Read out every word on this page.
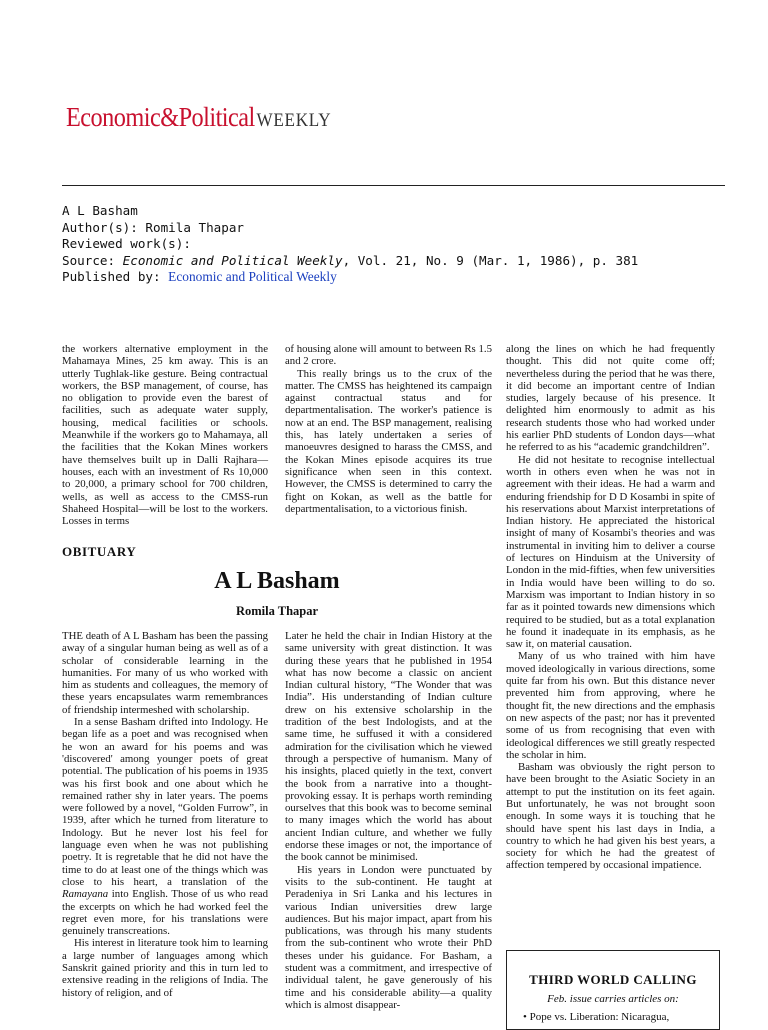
Economic&PoliticalWEEKLY
A L Basham
Author(s): Romila Thapar
Reviewed work(s):
Source: Economic and Political Weekly, Vol. 21, No. 9 (Mar. 1, 1986), p. 381
Published by: Economic and Political Weekly

the workers alternative employment in the Mahamaya Mines, 25 km away. This is an utterly Tughlak-like gesture. Being contractual workers, the BSP management, of course, has no obligation to provide even the barest of facilities, such as adequate water supply, housing, medical facilities or schools. Meanwhile if the workers go to Mahamaya, all the facilities that the Kokan Mines workers have themselves built up in Dalli Rajhara—houses, each with an investment of Rs 10,000 to 20,000, a primary school for 700 children, wells, as well as access to the CMSS-run Shaheed Hospital—will be lost to the workers. Losses in terms

of housing alone will amount to between Rs 1.5 and 2 crore.

This really brings us to the crux of the matter. The CMSS has heightened its campaign against contractual status and for departmentalisation. The worker's patience is now at an end. The BSP management, realising this, has lately undertaken a series of manoeuvres designed to harass the CMSS, and the Kokan Mines episode acquires its true significance when seen in this context. However, the CMSS is determined to carry the fight on Kokan, as well as the battle for departmentalisation, to a victorious finish.

OBITUARY
A L Basham
Romila Thapar

THE death of A L Basham has been the passing away of a singular human being as well as of a scholar of considerable learning in the humanities. For many of us who worked with him as students and colleagues, the memory of these years encapsulates warm remembrances of friendship intermeshed with scholarship.

In a sense Basham drifted into Indology. He began life as a poet and was recognised when he won an award for his poems and was 'discovered' among younger poets of great potential. The publication of his poems in 1935 was his first book and one about which he remained rather shy in later years. The poems were followed by a novel, “Golden Furrow”, in 1939, after which he turned from literature to Indology. But he never lost his feel for language even when he was not publishing poetry. It is regretable that he did not have the time to do at least one of the things which was close to his heart, a translation of the Ramayana into English. Those of us who read the excerpts on which he had worked feel the regret even more, for his translations were genuinely transcreations.

His interest in literature took him to learning a large number of languages among which Sanskrit gained priority and this in turn led to extensive reading in the religions of India. The history of religion, and of

Later he held the chair in Indian History at the same university with great distinction. It was during these years that he published in 1954 what has now become a classic on ancient Indian cultural history, “The Wonder that was India”. His understanding of Indian culture drew on his extensive scholarship in the tradition of the best Indologists, and at the same time, he suffused it with a considered admiration for the civilisation which he viewed through a perspective of humanism. Many of his insights, placed quietly in the text, convert the book from a narrative into a thought-provoking essay. It is perhaps worth reminding ourselves that this book was to become seminal to many images which the world has about ancient Indian culture, and whether we fully endorse these images or not, the importance of the book cannot be minimised.

His years in London were punctuated by visits to the sub-continent. He taught at Peradeniya in Sri Lanka and his lectures in various Indian universities drew large audiences. But his major impact, apart from his publications, was through his many students from the sub-continent who wrote their PhD theses under his guidance. For Basham, a student was a commitment, and irrespective of individual talent, he gave generously of his time and his considerable ability—a quality which is almost disappear-

along the lines on which he had frequently thought. This did not quite come off; nevertheless during the period that he was there, it did become an important centre of Indian studies, largely because of his presence. It delighted him enormously to admit as his research students those who had worked under his earlier PhD students of London days—what he referred to as his “academic grandchildren”.

He did not hesitate to recognise intellectual worth in others even when he was not in agreement with their ideas. He had a warm and enduring friendship for D D Kosambi in spite of his reservations about Marxist interpretations of Indian history. He appreciated the historical insight of many of Kosambi's theories and was instrumental in inviting him to deliver a course of lectures on Hinduism at the University of London in the mid-fifties, when few universities in India would have been willing to do so. Marxism was important to Indian history in so far as it pointed towards new dimensions which required to be studied, but as a total explanation he found it inadequate in its emphasis, as he saw it, on material causation.

Many of us who trained with him have moved ideologically in various directions, some quite far from his own. But this distance never prevented him from approving, where he thought fit, the new directions and the emphasis on new aspects of the past; nor has it prevented some of us from recognising that even with ideological differences we still greatly respected the scholar in him.

Basham was obviously the right person to have been brought to the Asiatic Society in an attempt to put the institution on its feet again. But unfortunately, he was not brought soon enough. In some ways it is touching that he should have spent his last days in India, a country to which he had given his best years, a society for which he had the greatest of affection tempered by occasional impatience.

THIRD WORLD CALLING
Feb. issue carries articles on:
• Pope vs. Liberation: Nicaragua,
